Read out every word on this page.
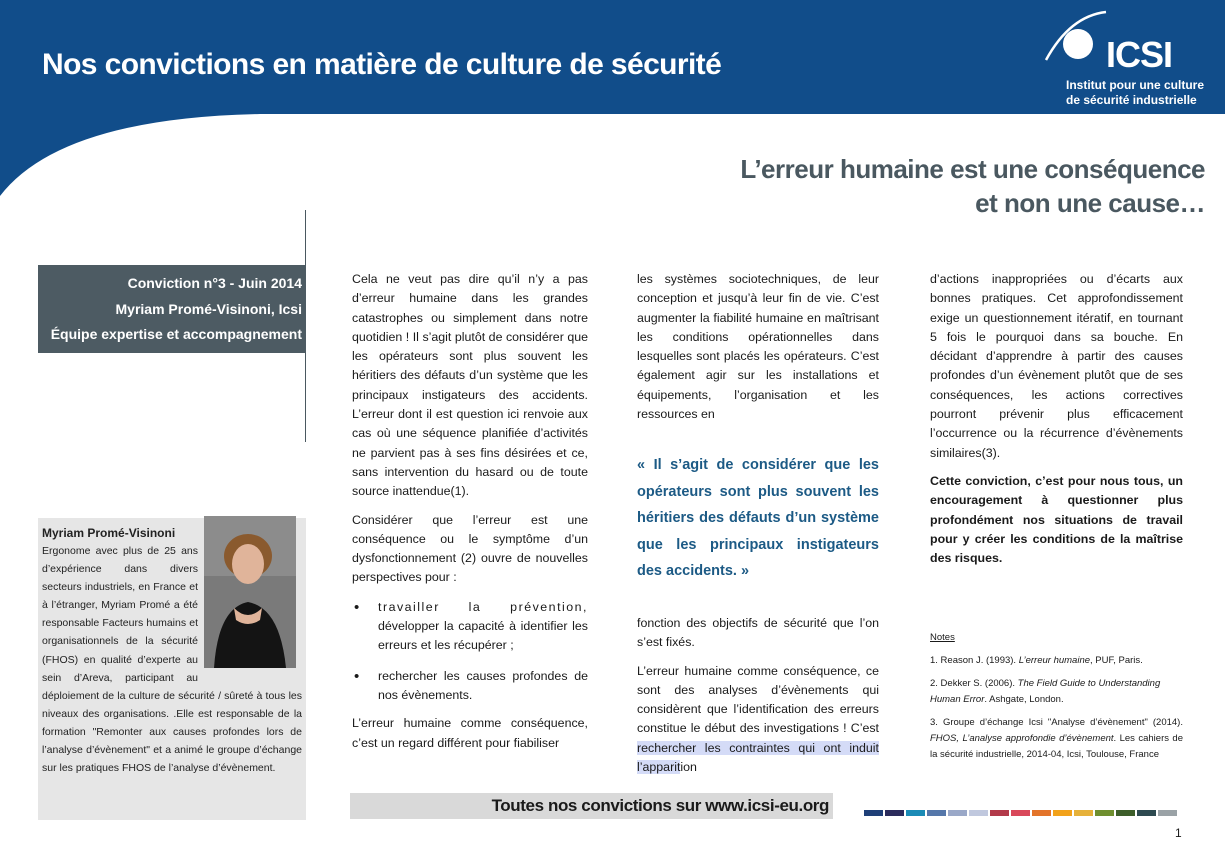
Nos convictions en matière de culture de sécurité	ICSI
Institut pour une culture
de sécurité industrielle
L’erreur humaine est une conséquence
et non une cause…
Conviction n°3 - Juin 2014
Myriam Promé-Visinoni, Icsi
Équipe expertise et accompagnement
Myriam Promé-Visinoni
Ergonome avec plus de 25 ans d’expérience dans divers secteurs industriels, en France et à l’étranger, Myriam Promé a été responsable Facteurs humains et organisationnels de la sécurité (FHOS) en qualité d’experte au sein d’Areva, participant au déploiement de la culture de sécurité / sûreté à tous les niveaux des organisations. .Elle est responsable de la formation "Remonter aux causes profondes lors de l’analyse d’évènement" et a animé le groupe d’échange sur les pratiques FHOS de l’analyse d’évènement.

Cela ne veut pas dire qu’il n’y a pas d’erreur humaine dans les grandes catastrophes ou simplement dans notre quotidien ! Il s’agit plutôt de considérer que les opérateurs sont plus souvent les héritiers des défauts d’un système que les principaux instigateurs des accidents. L’erreur dont il est question ici renvoie aux cas où une séquence planifiée d’activités ne parvient pas à ses fins désirées et ce, sans intervention du hasard ou de toute source inattendue(1).

Considérer que l’erreur est une conséquence ou le symptôme d’un dysfonctionnement (2) ouvre de nouvelles perspectives pour :

• travailler la prévention, développer la capacité à identifier les erreurs et les récupérer ;
• rechercher les causes profondes de nos évènements.

L’erreur humaine comme conséquence, c’est un regard différent pour fiabiliser

les systèmes sociotechniques, de leur conception et jusqu’à leur fin de vie. C’est augmenter la fiabilité humaine en maîtrisant les conditions opérationnelles dans lesquelles sont placés les opérateurs. C’est également agir sur les installations et équipements, l’organisation et les ressources en

« Il s’agit de considérer que les opérateurs sont plus souvent les héritiers des défauts d’un système que les principaux instigateurs des accidents. »

fonction des objectifs de sécurité que l’on s’est fixés.

L’erreur humaine comme conséquence, ce sont des analyses d’évènements qui considèrent que l’identification des erreurs constitue le début des investigations ! C’est rechercher les contraintes qui ont induit l’apparition

d’actions inappropriées ou d’écarts aux bonnes pratiques. Cet approfondissement exige un questionnement itératif, en tournant 5 fois le pourquoi dans sa bouche. En décidant d’apprendre à partir des causes profondes d’un évènement plutôt que de ses conséquences, les actions correctives pourront prévenir plus efficacement l’occurrence ou la récurrence d’évènements similaires(3).

Cette conviction, c’est pour nous tous, un encouragement à questionner plus profondément nos situations de travail pour y créer les conditions de la maîtrise des risques.

Notes

1. Reason J. (1993). L’erreur humaine, PUF, Paris.

2. Dekker S. (2006). The Field Guide to Understanding Human Error. Ashgate, London.

3. Groupe d’échange Icsi "Analyse d’évènement" (2014). FHOS, L’analyse approfondie d’évènement. Les cahiers de la sécurité industrielle, 2014-04, Icsi, Toulouse, France

Toutes nos convictions sur www.icsi-eu.org
1
